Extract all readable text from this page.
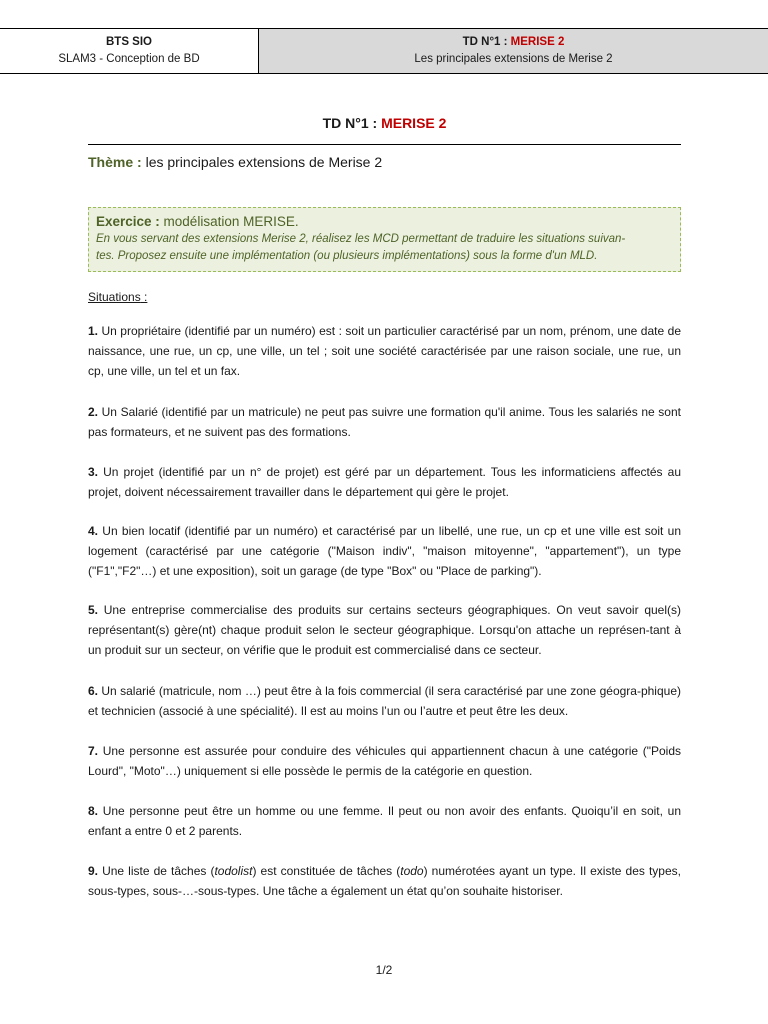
BTS SIO
SLAM3 - Conception de BD
TD N°1 : MERISE 2
Les principales extensions de Merise 2
TD N°1 : MERISE 2
Thème : les principales extensions de Merise 2
Exercice : modélisation MERISE.
En vous servant des extensions Merise 2, réalisez les MCD permettant de traduire les situations suivan-
tes. Proposez ensuite une implémentation (ou plusieurs implémentations) sous la forme d'un MLD.
Situations :
1. Un propriétaire (identifié par un numéro) est : soit un particulier caractérisé par un nom, prénom, une date de naissance, une rue, un cp, une ville, un tel ; soit une société caractérisée par une raison sociale, une rue, un cp, une ville, un tel et un fax.
2. Un Salarié (identifié par un matricule) ne peut pas suivre une formation qu'il anime. Tous les salariés ne sont pas formateurs, et ne suivent pas des formations.
3. Un projet (identifié par un n° de projet) est géré par un département. Tous les informaticiens affectés au projet, doivent nécessairement travailler dans le département qui gère le projet.
4. Un bien locatif (identifié par un numéro) et caractérisé par un libellé, une rue, un cp et une ville est soit un logement (caractérisé par une catégorie ("Maison indiv", "maison mitoyenne", "appartement"), un type ("F1","F2"…) et une exposition), soit un garage (de type "Box" ou "Place de parking").
5. Une entreprise commercialise des produits sur certains secteurs géographiques. On veut savoir quel(s) représentant(s) gère(nt) chaque produit selon le secteur géographique. Lorsqu'on attache un représen-tant à un produit sur un secteur, on vérifie que le produit est commercialisé dans ce secteur.
6. Un salarié (matricule, nom …) peut être à la fois commercial (il sera caractérisé par une zone géogra-phique) et technicien (associé à une spécialité). Il est au moins l’un ou l’autre et peut être les deux.
7. Une personne est assurée pour conduire des véhicules qui appartiennent chacun à une catégorie ("Poids Lourd", "Moto"…) uniquement si elle possède le permis de la catégorie en question.
8. Une personne peut être un homme ou une femme. Il peut ou non avoir des enfants. Quoiqu’il en soit, un enfant a entre 0 et 2 parents.
9. Une liste de tâches (todolist) est constituée de tâches (todo) numérotées ayant un type. Il existe des types, sous-types, sous-…-sous-types. Une tâche a également un état qu’on souhaite historiser.
1/2
